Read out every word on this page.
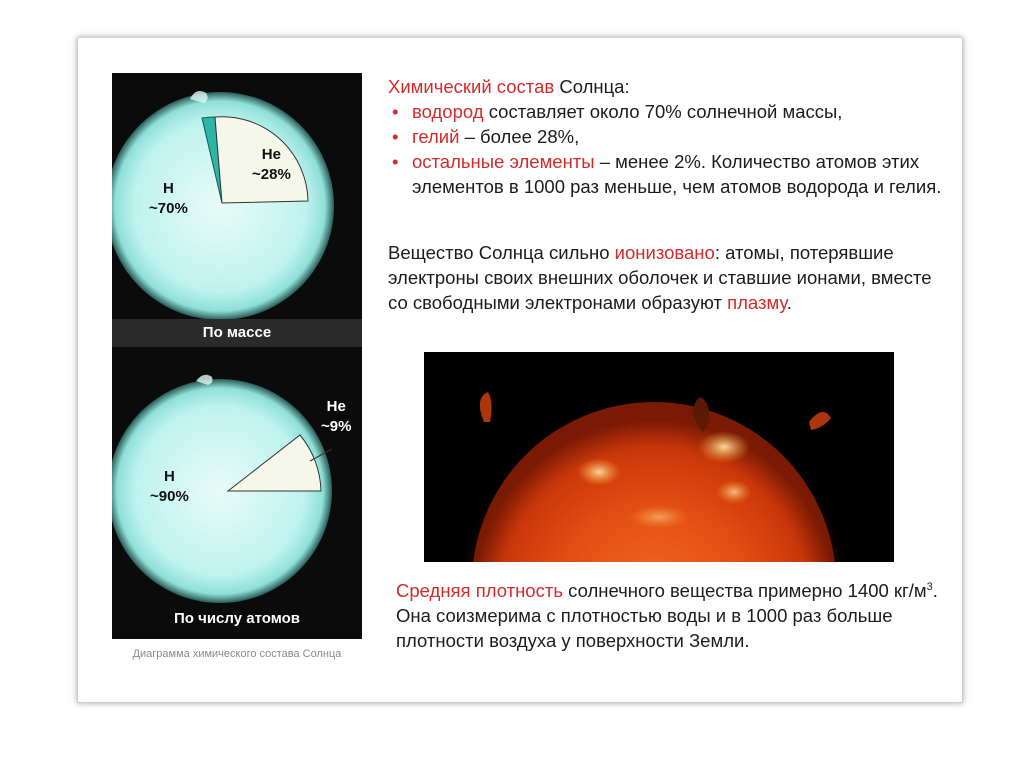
He
~28%
H
~70%
По массе
He
~9%
H
~90%
По числу атомов
Диаграмма химического состава Солнца
Химический состав Солнца:
• водород составляет около 70% солнечной массы,
• гелий – более 28%,
• остальные элементы – менее 2%. Количество атомов этих элементов в 1000 раз меньше, чем атомов водорода и гелия.
Вещество Солнца сильно ионизовано: атомы, потерявшие электроны своих внешних оболочек и ставшие ионами, вместе со свободными электронами образуют плазму.
Средняя плотность солнечного вещества примерно 1400 $кг/м^3$. Она соизмерима с плотностью воды и в 1000 раз больше плотности воздуха у поверхности Земли.
